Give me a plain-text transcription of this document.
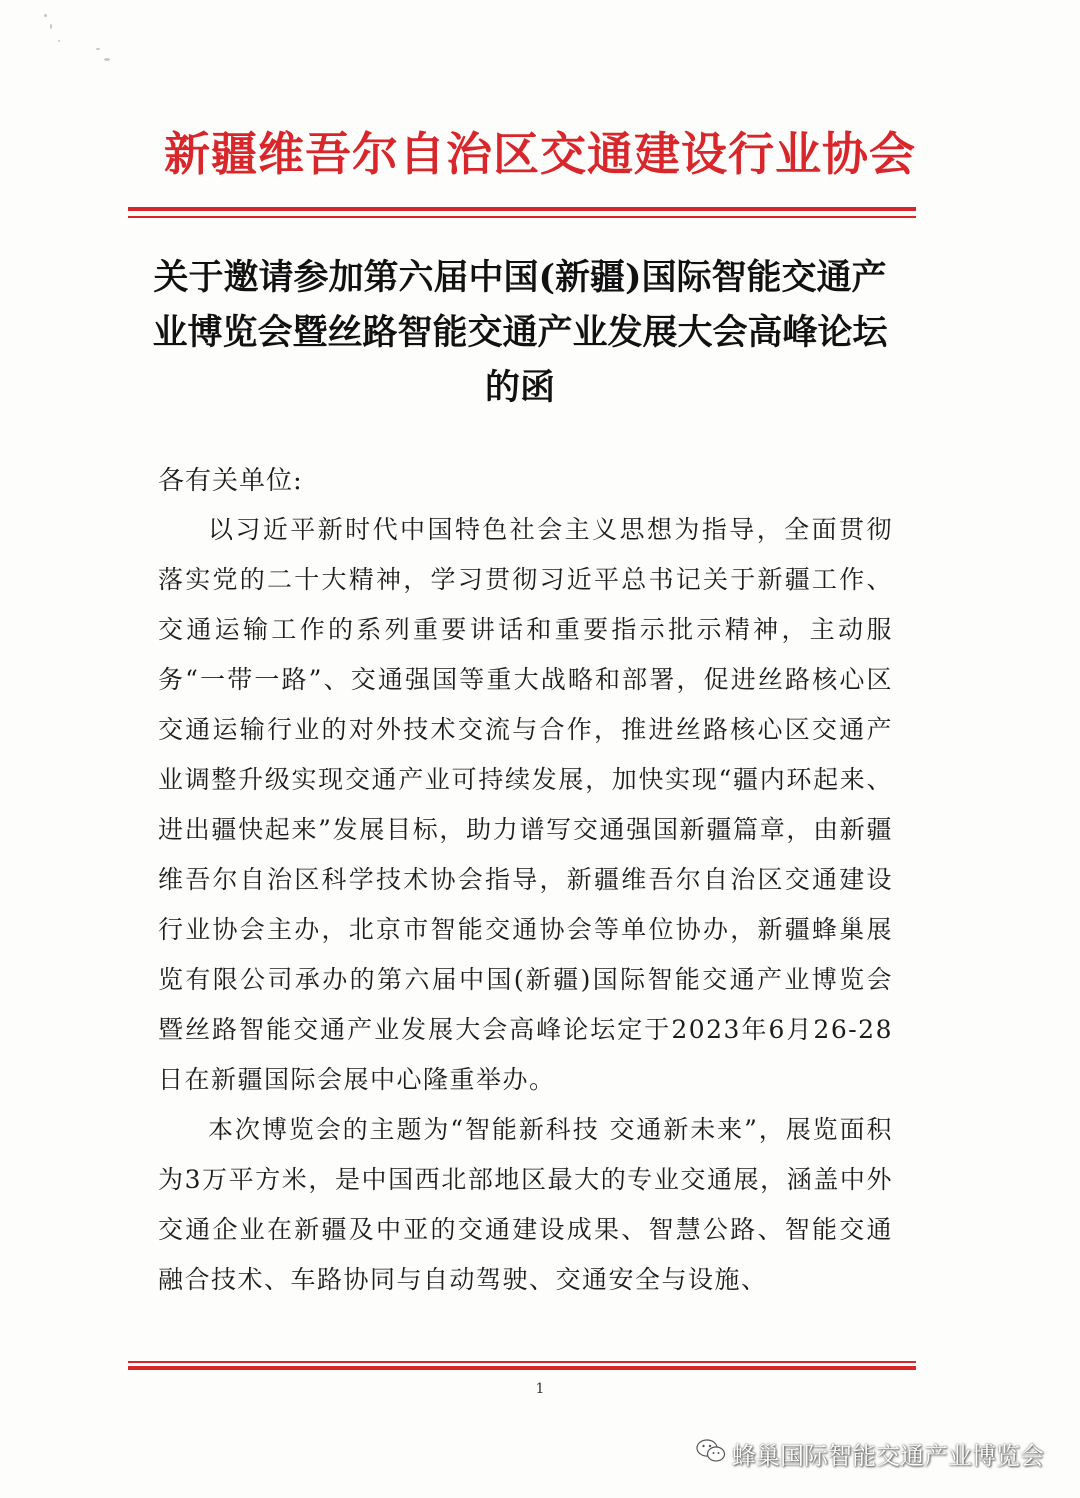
新疆维吾尔自治区交通建设行业协会
关于邀请参加第六届中国(新疆)国际智能交通产业博览会暨丝路智能交通产业发展大会高峰论坛的函
各有关单位:

以习近平新时代中国特色社会主义思想为指导，全面贯彻落实党的二十大精神，学习贯彻习近平总书记关于新疆工作、交通运输工作的系列重要讲话和重要指示批示精神，主动服务“一带一路”、交通强国等重大战略和部署，促进丝路核心区交通运输行业的对外技术交流与合作，推进丝路核心区交通产业调整升级实现交通产业可持续发展，加快实现“疆内环起来、进出疆快起来”发展目标，助力谱写交通强国新疆篇章，由新疆维吾尔自治区科学技术协会指导，新疆维吾尔自治区交通建设行业协会主办，北京市智能交通协会等单位协办，新疆蜂巢展览有限公司承办的第六届中国(新疆)国际智能交通产业博览会暨丝路智能交通产业发展大会高峰论坛定于2023年6月26-28日在新疆国际会展中心隆重举办。

本次博览会的主题为“智能新科技 交通新未来”，展览面积为3万平方米，是中国西北部地区最大的专业交通展，涵盖中外交通企业在新疆及中亚的交通建设成果、智慧公路、智能交通融合技术、车路协同与自动驾驶、交通安全与设施、

1
蜂巢国际智能交通产业博览会
